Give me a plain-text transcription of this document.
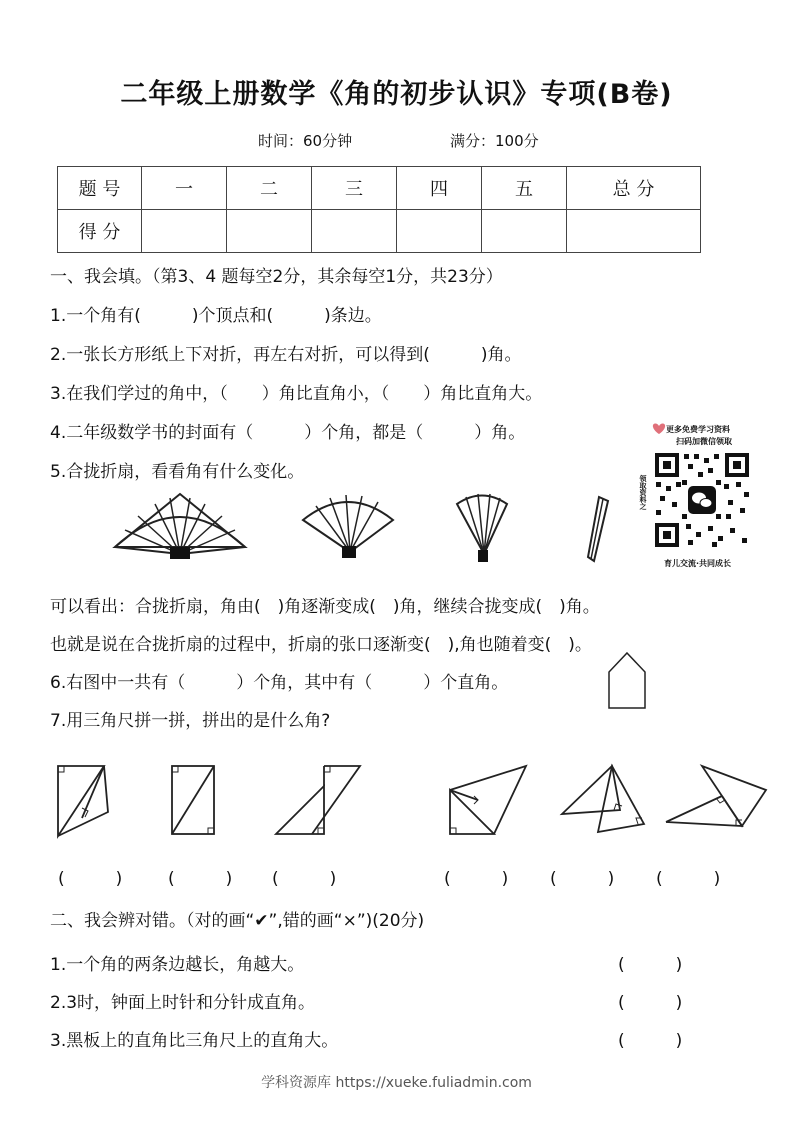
二年级上册数学《角的初步认识》专项(B卷)
时间：60分钟	满分：100分
题 号	一	二	三	四	五	总 分
得 分						
一、我会填。（第3、4 题每空2分，其余每空1分，共23分）
1.一个角有(　　　)个顶点和(　　　)条边。
2.一张长方形纸上下对折，再左右对折，可以得到(　　　)角。
3.在我们学过的角中，（　　）角比直角小，（　　）角比直角大。
4.二年级数学书的封面有（　　　）个角，都是（　　　）角。
5.合拢折扇，看看角有什么变化。
更多免费学习资料
扫码加微信领取
领取资料之
育儿交流·共同成长
可以看出：合拢折扇，角由(　)角逐渐变成(　)角，继续合拢变成(　)角。
也就是说在合拢折扇的过程中，折扇的张口逐渐变(　),角也随着变(　)。
6.右图中一共有（　　　）个角，其中有（　　　）个直角。
7.用三角尺拼一拼，拼出的是什么角?
(　　　)	(　　　) (　　　)	(　　　) (　　　) (　　　)
二、我会辨对错。（对的画“✔”,错的画“×”)(20分)
1.一个角的两条边越长，角越大。
2.3时，钟面上时针和分针成直角。
3.黑板上的直角比三角尺上的直角大。
(　　　)
(　　　)
(　　　)
学科资源库 https://xueke.fuliadmin.com
